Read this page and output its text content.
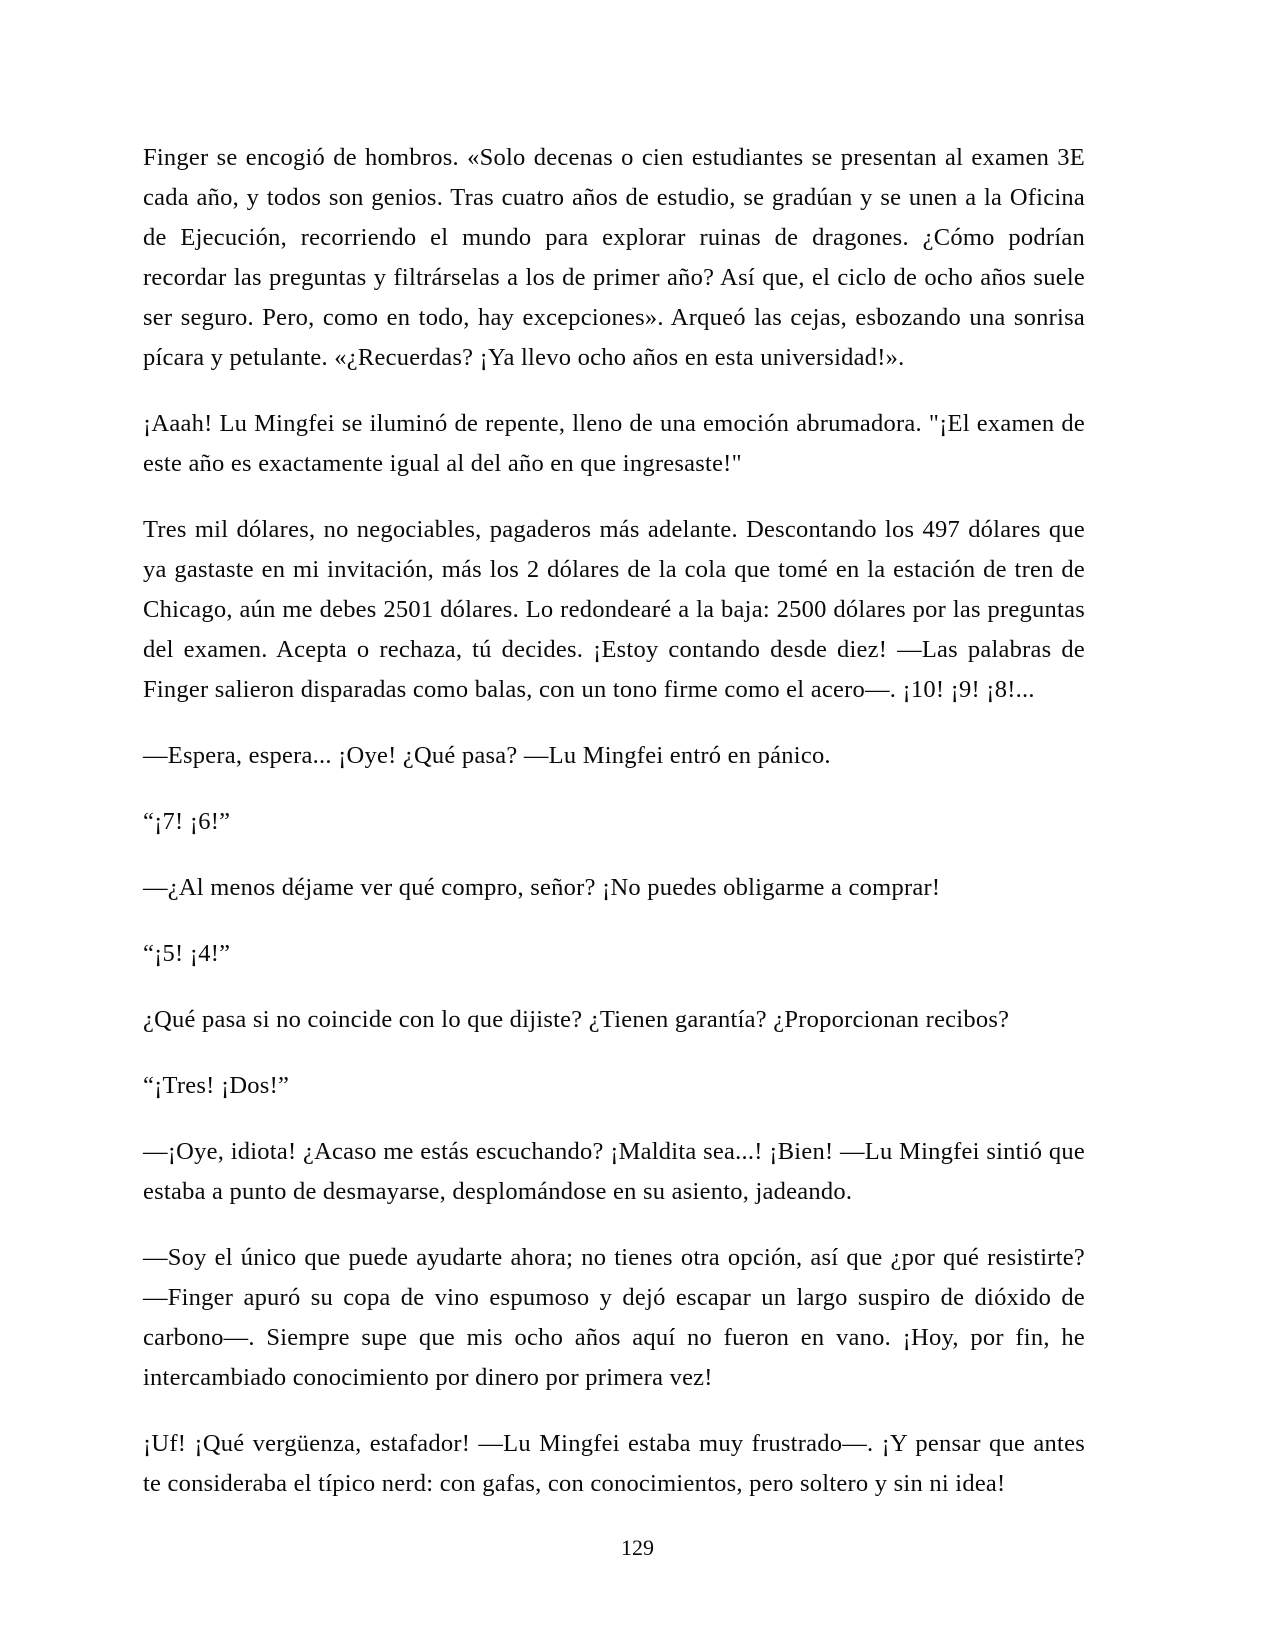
Finger se encogió de hombros. «Solo decenas o cien estudiantes se presentan al examen 3E cada año, y todos son genios. Tras cuatro años de estudio, se gradúan y se unen a la Oficina de Ejecución, recorriendo el mundo para explorar ruinas de dragones. ¿Cómo podrían recordar las preguntas y filtrárselas a los de primer año? Así que, el ciclo de ocho años suele ser seguro. Pero, como en todo, hay excepciones». Arqueó las cejas, esbozando una sonrisa pícara y petulante. «¿Recuerdas? ¡Ya llevo ocho años en esta universidad!».

¡Aaah! Lu Mingfei se iluminó de repente, lleno de una emoción abrumadora. "¡El examen de este año es exactamente igual al del año en que ingresaste!"

Tres mil dólares, no negociables, pagaderos más adelante. Descontando los 497 dólares que ya gastaste en mi invitación, más los 2 dólares de la cola que tomé en la estación de tren de Chicago, aún me debes 2501 dólares. Lo redondearé a la baja: 2500 dólares por las preguntas del examen. Acepta o rechaza, tú decides. ¡Estoy contando desde diez! —Las palabras de Finger salieron disparadas como balas, con un tono firme como el acero—. ¡10! ¡9! ¡8!...

—Espera, espera... ¡Oye! ¿Qué pasa? —Lu Mingfei entró en pánico.

“¡7! ¡6!”

—¿Al menos déjame ver qué compro, señor? ¡No puedes obligarme a comprar!

“¡5! ¡4!”

¿Qué pasa si no coincide con lo que dijiste? ¿Tienen garantía? ¿Proporcionan recibos?

“¡Tres! ¡Dos!”

—¡Oye, idiota! ¿Acaso me estás escuchando? ¡Maldita sea...! ¡Bien! —Lu Mingfei sintió que estaba a punto de desmayarse, desplomándose en su asiento, jadeando.

—Soy el único que puede ayudarte ahora; no tienes otra opción, así que ¿por qué resistirte? —Finger apuró su copa de vino espumoso y dejó escapar un largo suspiro de dióxido de carbono—. Siempre supe que mis ocho años aquí no fueron en vano. ¡Hoy, por fin, he intercambiado conocimiento por dinero por primera vez!

¡Uf! ¡Qué vergüenza, estafador! —Lu Mingfei estaba muy frustrado—. ¡Y pensar que antes te consideraba el típico nerd: con gafas, con conocimientos, pero soltero y sin ni idea!

129
